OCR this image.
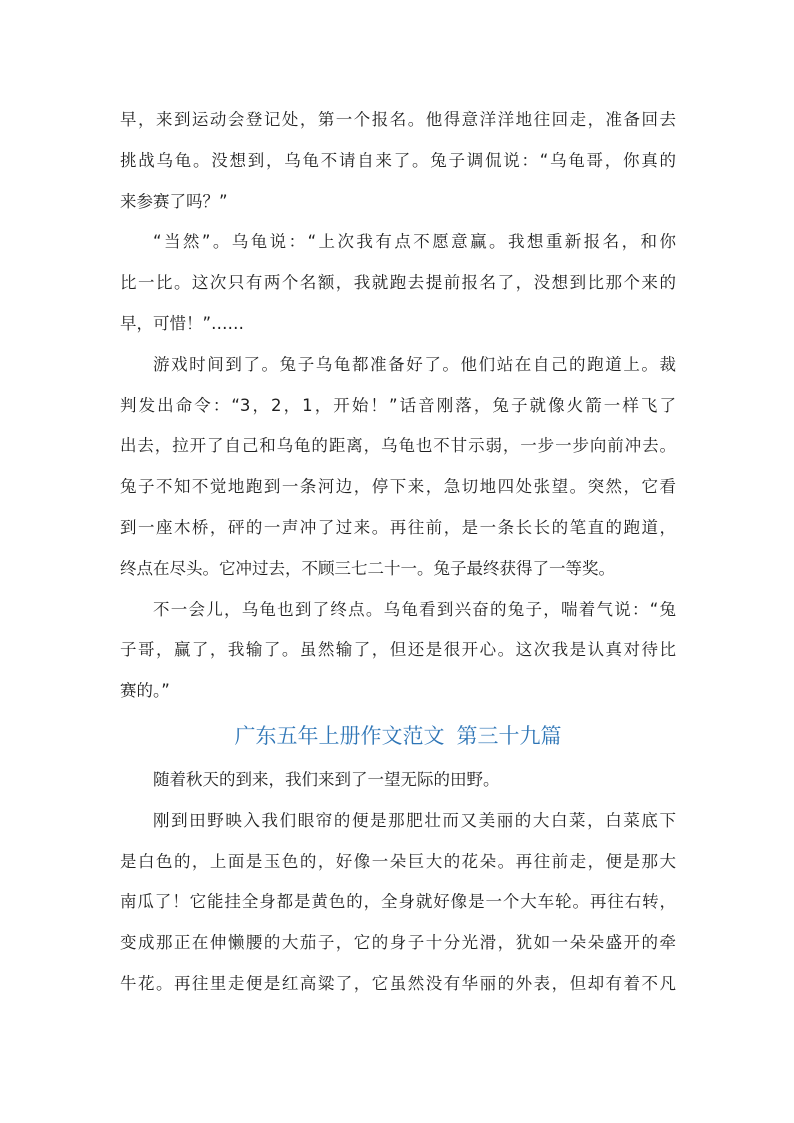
早，来到运动会登记处，第一个报名。他得意洋洋地往回走，准备回去
挑战乌龟。没想到，乌龟不请自来了。兔子调侃说：“乌龟哥，你真的
来参赛了吗？”
“当然”。乌龟说：“上次我有点不愿意赢。我想重新报名，和你
比一比。这次只有两个名额，我就跑去提前报名了，没想到比那个来的
早，可惜！”……
游戏时间到了。兔子乌龟都准备好了。他们站在自己的跑道上。裁
判发出命令：“3，2，1，开始！”话音刚落，兔子就像火箭一样飞了
出去，拉开了自己和乌龟的距离，乌龟也不甘示弱，一步一步向前冲去。
兔子不知不觉地跑到一条河边，停下来，急切地四处张望。突然，它看
到一座木桥，砰的一声冲了过来。再往前，是一条长长的笔直的跑道，
终点在尽头。它冲过去，不顾三七二十一。兔子最终获得了一等奖。
不一会儿，乌龟也到了终点。乌龟看到兴奋的兔子，喘着气说：“兔
子哥，赢了，我输了。虽然输了，但还是很开心。这次我是认真对待比
赛的。”
广东五年上册作文范文 第三十九篇
随着秋天的到来，我们来到了一望无际的田野。
刚到田野映入我们眼帘的便是那肥壮而又美丽的大白菜，白菜底下
是白色的，上面是玉色的，好像一朵巨大的花朵。再往前走，便是那大
南瓜了！它能挂全身都是黄色的，全身就好像是一个大车轮。再往右转，
变成那正在伸懒腰的大茄子，它的身子十分光滑，犹如一朵朵盛开的牵
牛花。再往里走便是红高粱了，它虽然没有华丽的外表，但却有着不凡
